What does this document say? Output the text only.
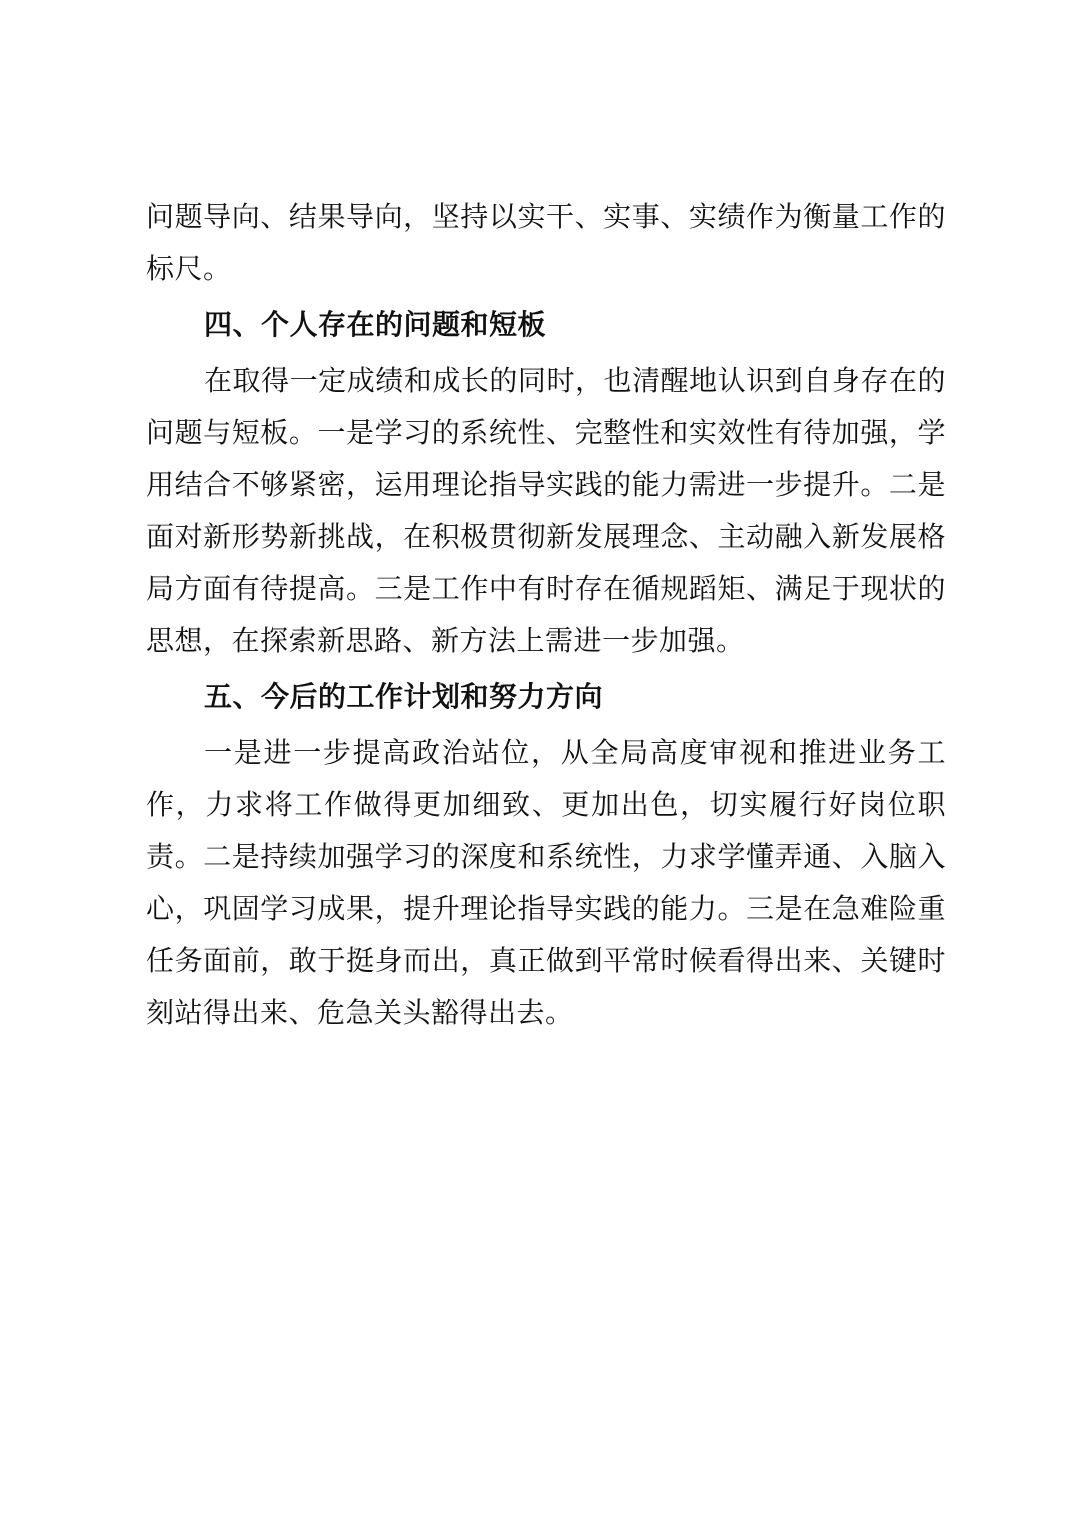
问题导向、结果导向，坚持以实干、实事、实绩作为衡量工作的标尺。

四、个人存在的问题和短板

在取得一定成绩和成长的同时，也清醒地认识到自身存在的问题与短板。一是学习的系统性、完整性和实效性有待加强，学用结合不够紧密，运用理论指导实践的能力需进一步提升。二是面对新形势新挑战，在积极贯彻新发展理念、主动融入新发展格局方面有待提高。三是工作中有时存在循规蹈矩、满足于现状的思想，在探索新思路、新方法上需进一步加强。

五、今后的工作计划和努力方向

一是进一步提高政治站位，从全局高度审视和推进业务工作，力求将工作做得更加细致、更加出色，切实履行好岗位职责。二是持续加强学习的深度和系统性，力求学懂弄通、入脑入心，巩固学习成果，提升理论指导实践的能力。三是在急难险重任务面前，敢于挺身而出，真正做到平常时候看得出来、关键时刻站得出来、危急关头豁得出去。
